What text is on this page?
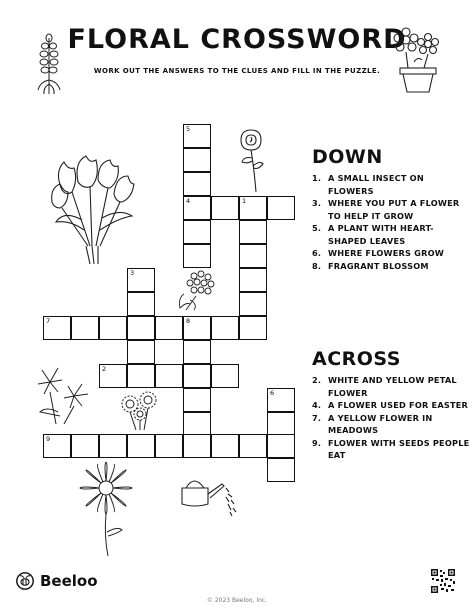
FLORAL CROSSWORD
WORK OUT THE ANSWERS TO THE CLUES AND FILL IN THE PUZZLE.
5
4	1
3
7	8
2
6
9
DOWN
1. A SMALL INSECT ON FLOWERS
3. WHERE YOU PUT A FLOWER TO HELP IT GROW
5. A PLANT WITH HEART-SHAPED LEAVES
6. WHERE FLOWERS GROW
8. FRAGRANT BLOSSOM
ACROSS
2. WHITE AND YELLOW PETAL FLOWER
4. A FLOWER USED FOR EASTER
7. A YELLOW FLOWER IN MEADOWS
9. FLOWER WITH SEEDS PEOPLE EAT
Beeloo
© 2023 Beeloo, Inc.
